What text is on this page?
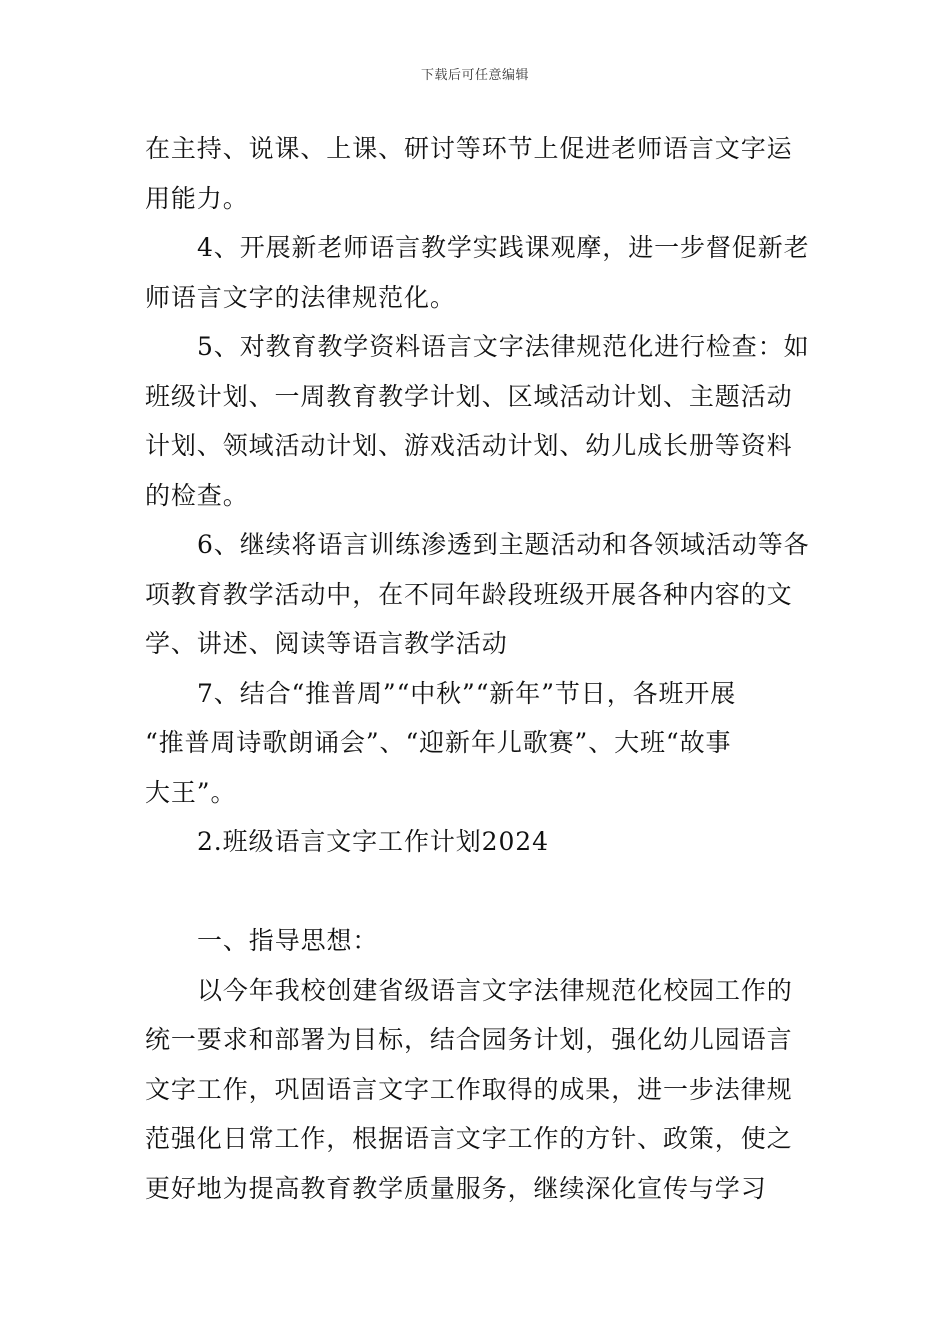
下载后可任意编辑
在主持、说课、上课、研讨等环节上促进老师语言文字运
用能力。
4、开展新老师语言教学实践课观摩，进一步督促新老
师语言文字的法律规范化。
5、对教育教学资料语言文字法律规范化进行检查：如
班级计划、一周教育教学计划、区域活动计划、主题活动
计划、领域活动计划、游戏活动计划、幼儿成长册等资料
的检查。
6、继续将语言训练渗透到主题活动和各领域活动等各
项教育教学活动中，在不同年龄段班级开展各种内容的文
学、讲述、阅读等语言教学活动
7、结合“推普周”“中秋”“新年”节日，各班开展
“推普周诗歌朗诵会”、“迎新年儿歌赛”、大班“故事
大王”。
2.班级语言文字工作计划2024
一、指导思想：
以今年我校创建省级语言文字法律规范化校园工作的
统一要求和部署为目标，结合园务计划，强化幼儿园语言
文字工作，巩固语言文字工作取得的成果，进一步法律规
范强化日常工作，根据语言文字工作的方针、政策，使之
更好地为提高教育教学质量服务，继续深化宣传与学习
